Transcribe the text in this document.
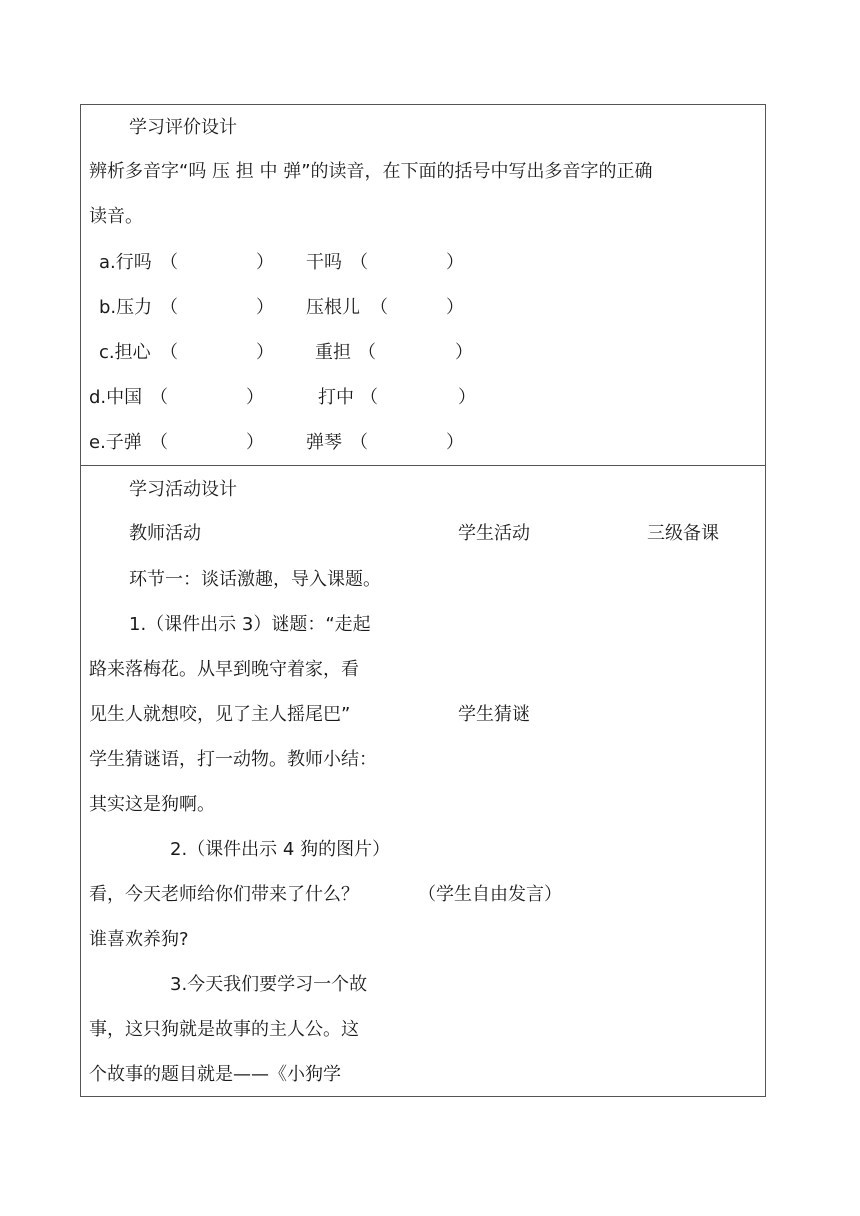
学习评价设计
辨析多音字“吗 压 担 中 弹”的读音，在下面的括号中写出多音字的正确
读音。
a.行吗 （	） 干吗 （	）
b.压力 （	） 压根儿 （	）
c.担心 （	） 重担 （	）
d.中国 （	）	打中 （	）
e.子弹 （	） 弹琴 （	）
学习活动设计
教师活动	学生活动	三级备课
环节一：谈话激趣，导入课题。
1.（课件出示 3）谜题：“走起
路来落梅花。从早到晚守着家，看
见生人就想咬，见了主人摇尾巴”	学生猜谜
学生猜谜语，打一动物。教师小结：
其实这是狗啊。
2.（课件出示 4 狗的图片）
看，今天老师给你们带来了什么？	（学生自由发言）
谁喜欢养狗?
3.今天我们要学习一个故
事，这只狗就是故事的主人公。这
个故事的题目就是——《小狗学
